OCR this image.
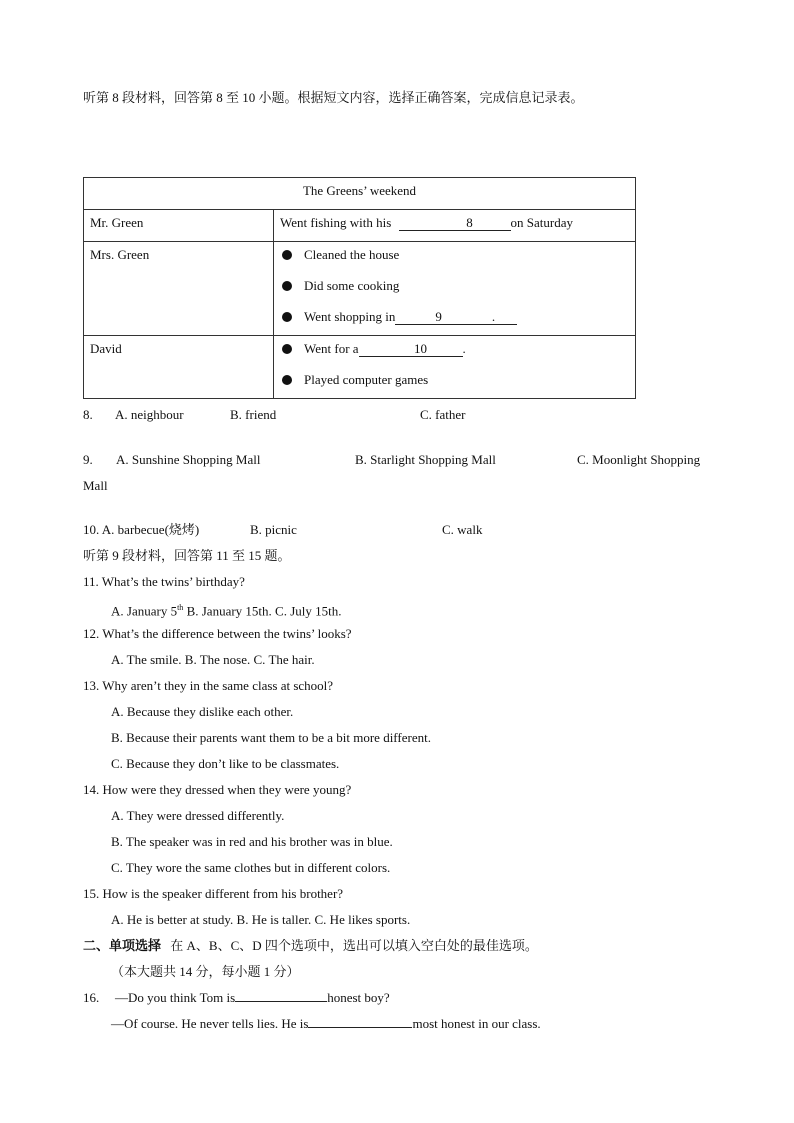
听第 8 段材料，回答第 8 至 10 小题。根据短文内容，选择正确答案，完成信息记录表。
The Greens’ weekend	

Mr. Green	Went fishing with his 8 on Saturday

Mrs. Green	Cleaned the house
Did some cooking
Went shopping in 9 .

David	Went for a 10 .
Played computer games
8. A. neighbour	B. friend	C. father
9. A. Sunshine Shopping Mall	B. Starlight Shopping Mall	C. Moonlight Shopping
Mall
10. A. barbecue(烧烤)	B. picnic	C. walk
听第 9 段材料，回答第 11 至 15 题。
11. What’s the twins’ birthday?
A. January 5th B. January 15th. C. July 15th.
12. What’s the difference between the twins’ looks?
A. The smile. B. The nose. C. The hair.
13. Why aren’t they in the same class at school?
A. Because they dislike each other.
B. Because their parents want them to be a bit more different.
C. Because they don’t like to be classmates.
14. How were they dressed when they were young?
A. They were dressed differently.
B. The speaker was in red and his brother was in blue.
C. They wore the same clothes but in different colors.
15. How is the speaker different from his brother?
A. He is better at study. B. He is taller. C. He likes sports.
二、单项选择 在 A、B、C、D 四个选项中，选出可以填入空白处的最佳选项。
（本大题共 14 分，每小题 1 分）
16. —Do you think Tom is	honest boy?
—Of course. He never tells lies. He is	most honest in our class.
